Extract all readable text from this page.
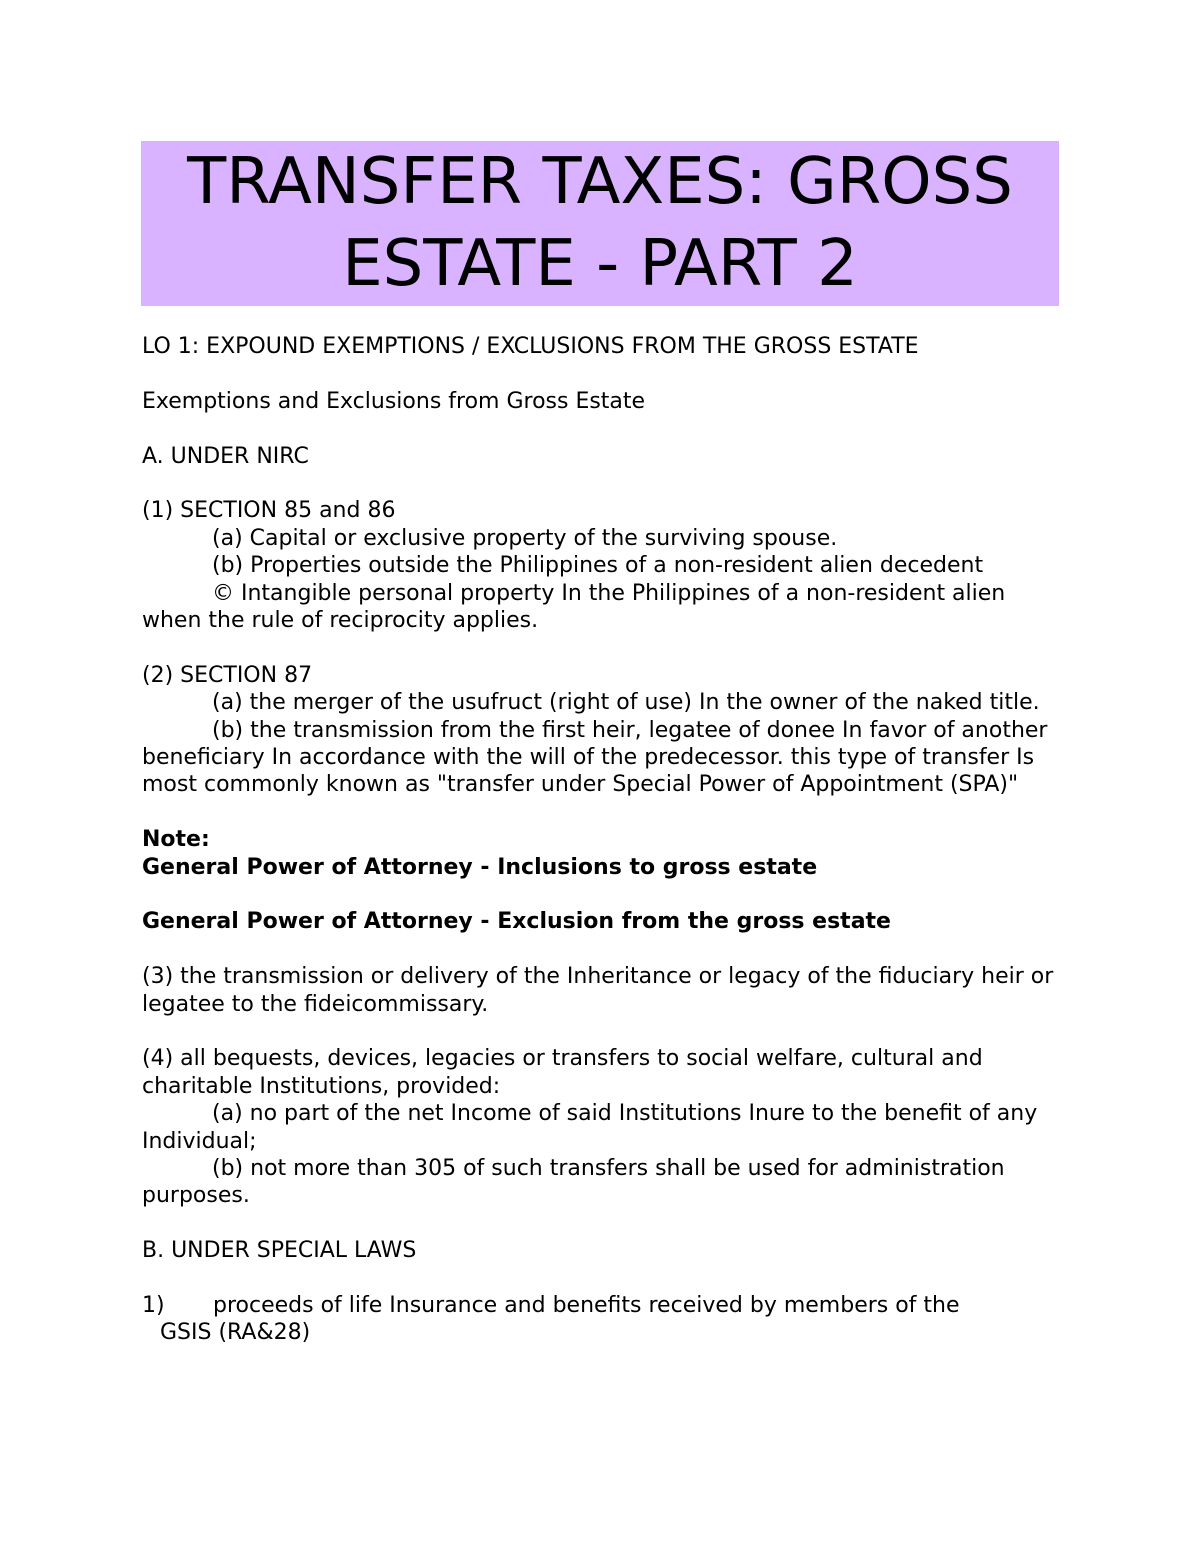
TRANSFER TAXES: GROSS
ESTATE - PART 2

LO 1: EXPOUND EXEMPTIONS / EXCLUSIONS FROM THE GROSS ESTATE

Exemptions and Exclusions from Gross Estate

A. UNDER NIRC

(1) SECTION 85 and 86

(a) Capital or exclusive property of the surviving spouse.

(b) Properties outside the Philippines of a non-resident alien decedent

© Intangible personal property In the Philippines of a non-resident alien when the rule of reciprocity applies.

(2) SECTION 87

(a) the merger of the usufruct (right of use) In the owner of the naked title.

(b) the transmission from the first heir, legatee of donee In favor of another beneficiary In accordance with the will of the predecessor. this type of transfer Is most commonly known as "transfer under Special Power of Appointment (SPA)"

Note:

General Power of Attorney - Inclusions to gross estate

General Power of Attorney - Exclusion from the gross estate

(3) the transmission or delivery of the Inheritance or legacy of the fiduciary heir or legatee to the fideicommissary.

(4) all bequests, devices, legacies or transfers to social welfare, cultural and charitable Institutions, provided:

(a) no part of the net Income of said Institutions Inure to the benefit of any Individual;

(b) not more than 305 of such transfers shall be used for administration purposes.

B. UNDER SPECIAL LAWS

1) proceeds of life Insurance and benefits received by members of the

GSIS (RA&28)
